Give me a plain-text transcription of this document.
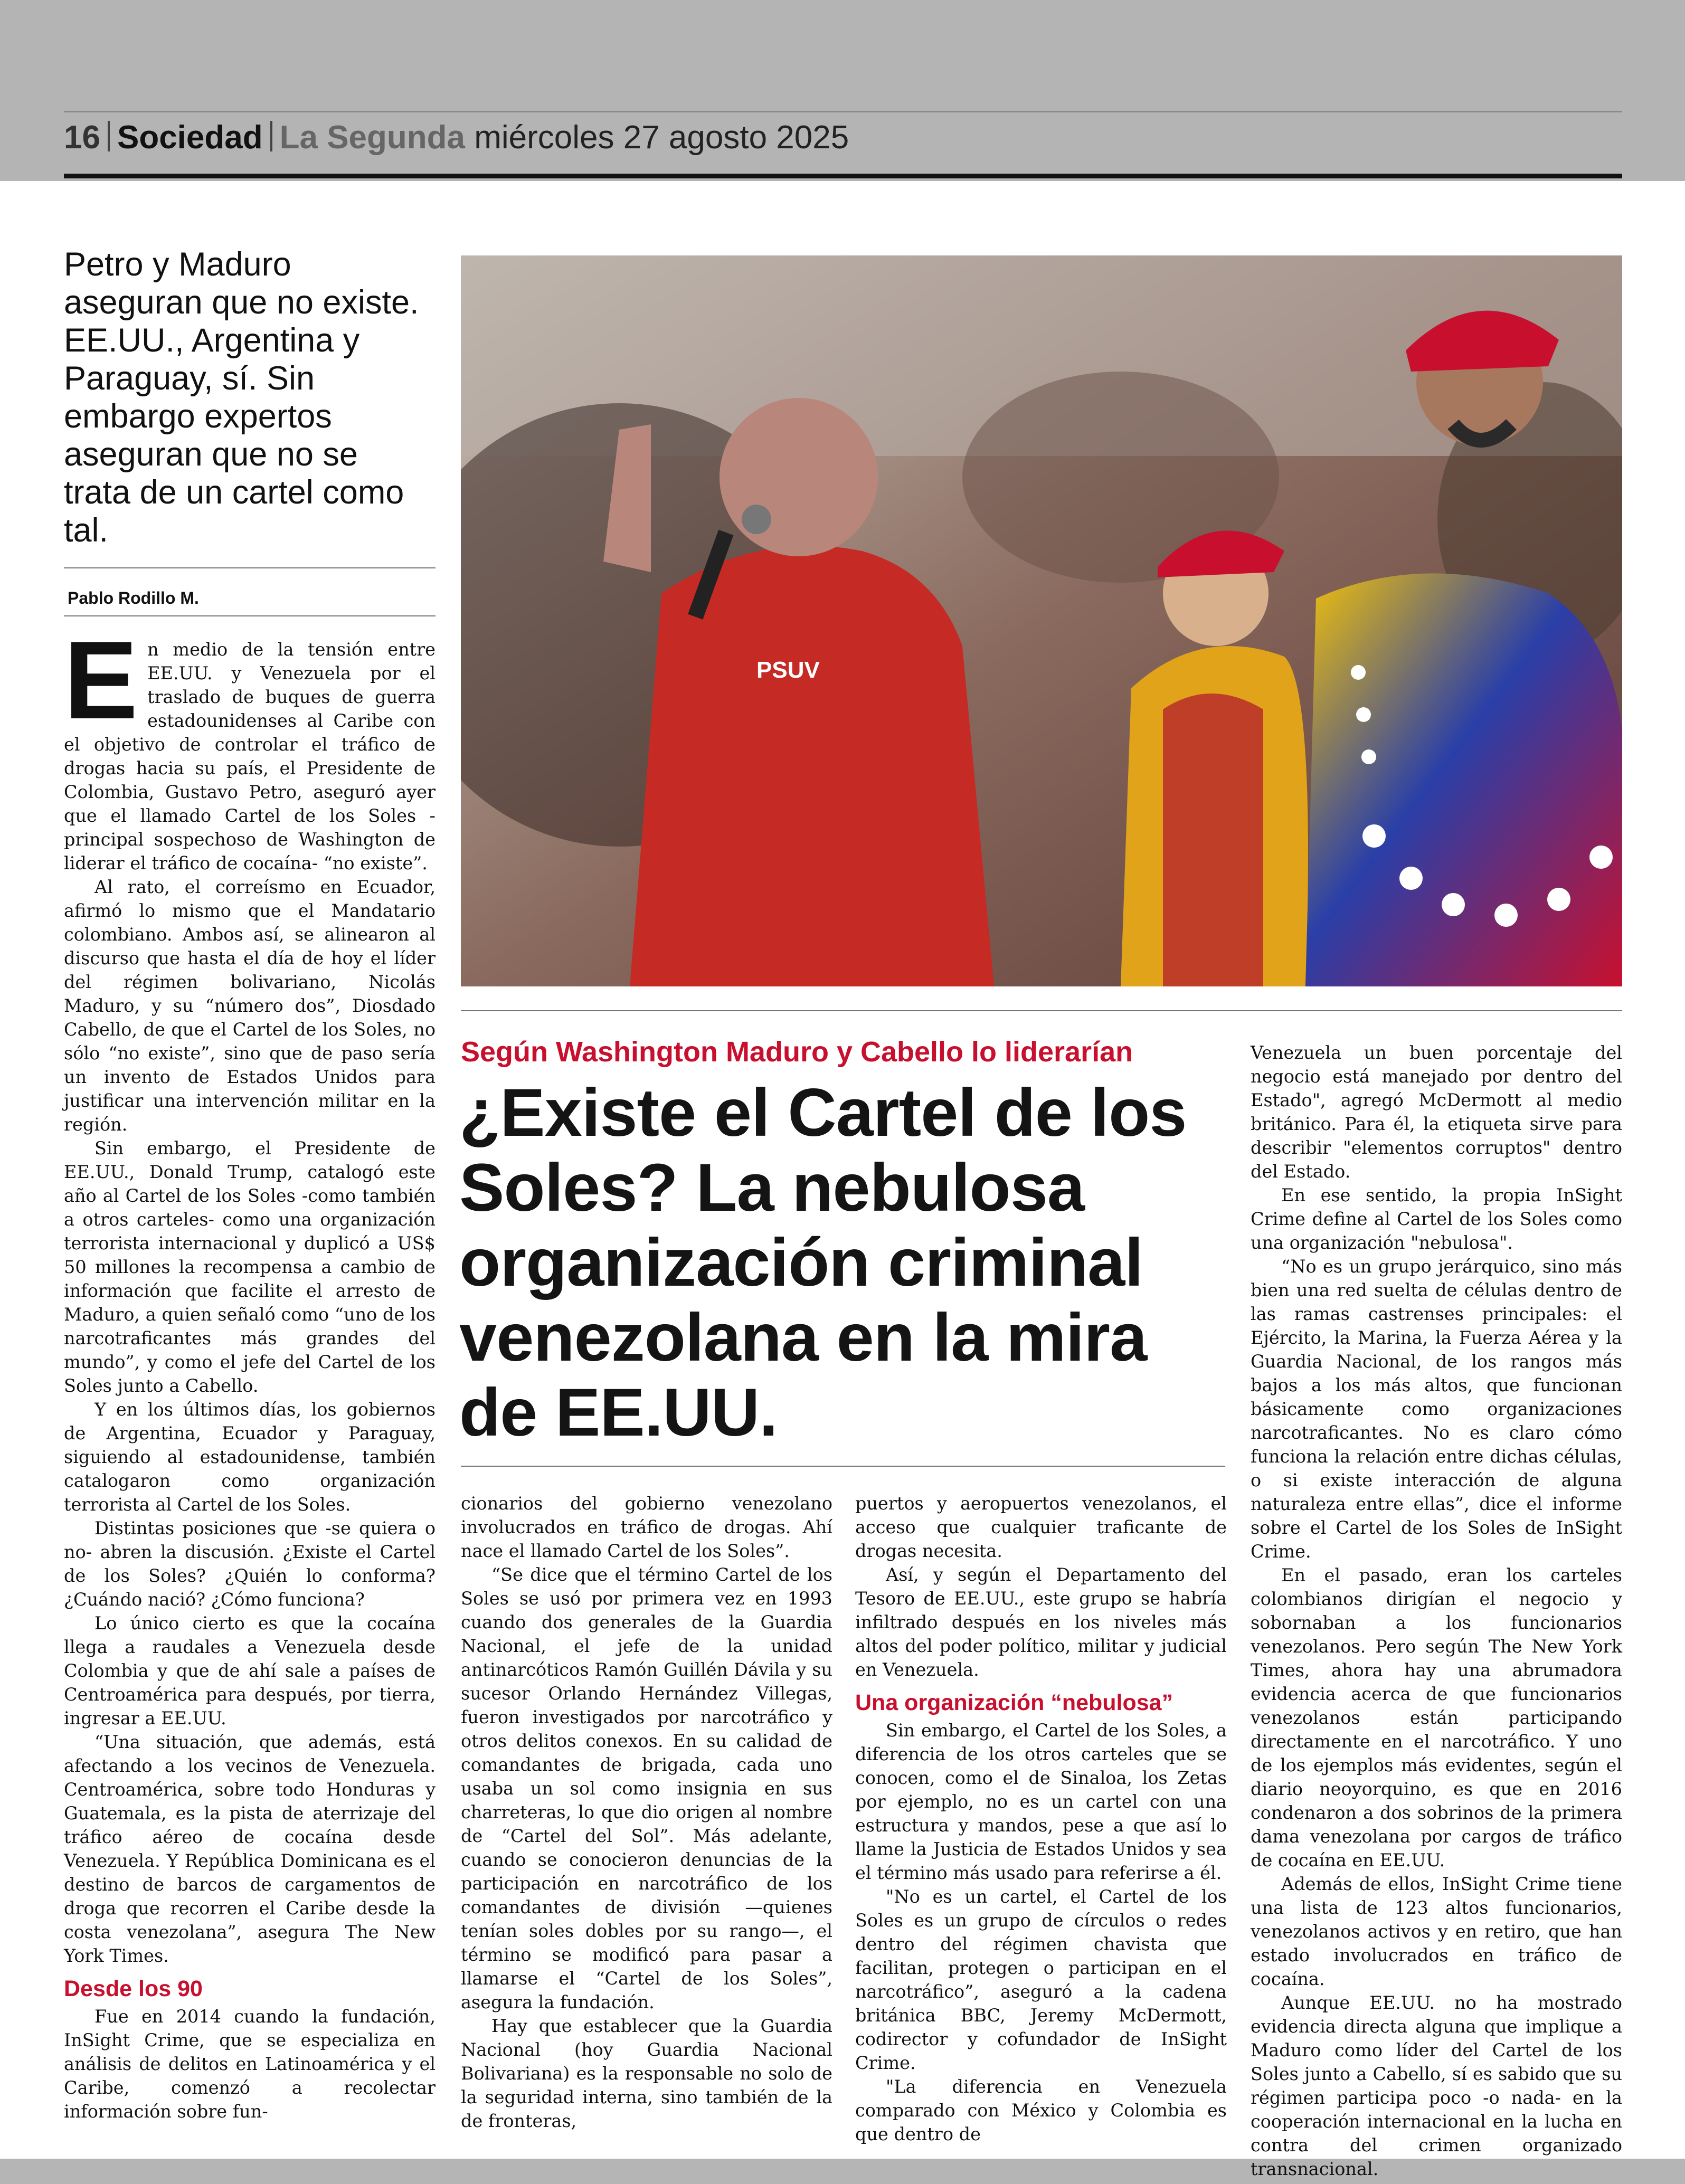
16 Sociedad La Segunda miércoles 27 agosto 2025
Petro y Maduro aseguran que no existe. EE.UU., Argentina y Paraguay, sí. Sin embargo expertos aseguran que no se trata de un cartel como tal.
Pablo Rodillo M.
E n medio de la tensión entre EE.UU. y Venezuela por el traslado de buques de guerra estadounidenses al Caribe con el objetivo de controlar el tráfico de drogas hacia su país, el Presidente de Colombia, Gustavo Petro, aseguró ayer que el llamado Cartel de los Soles -principal sospechoso de Washington de liderar el tráfico de cocaína- “no existe”.

Al rato, el correísmo en Ecuador, afirmó lo mismo que el Mandatario colombiano. Ambos así, se alinearon al discurso que hasta el día de hoy el líder del régimen bolivariano, Nicolás Maduro, y su “número dos”, Diosdado Cabello, de que el Cartel de los Soles, no sólo “no existe”, sino que de paso sería un invento de Estados Unidos para justificar una intervención militar en la región.

Sin embargo, el Presidente de EE.UU., Donald Trump, catalogó este año al Cartel de los Soles -como también a otros carteles- como una organización terrorista internacional y duplicó a US$ 50 millones la recompensa a cambio de información que facilite el arresto de Maduro, a quien señaló como “uno de los narcotraficantes más grandes del mundo”, y como el jefe del Cartel de los Soles junto a Cabello.

Y en los últimos días, los gobiernos de Argentina, Ecuador y Paraguay, siguiendo al estadounidense, también catalogaron como organización terrorista al Cartel de los Soles.

Distintas posiciones que -se quiera o no- abren la discusión. ¿Existe el Cartel de los Soles? ¿Quién lo conforma? ¿Cuándo nació? ¿Cómo funciona?

Lo único cierto es que la cocaína llega a raudales a Venezuela desde Colombia y que de ahí sale a países de Centroamérica para después, por tierra, ingresar a EE.UU.

“Una situación, que además, está afectando a los vecinos de Venezuela. Centroamérica, sobre todo Honduras y Guatemala, es la pista de aterrizaje del tráfico aéreo de cocaína desde Venezuela. Y República Dominicana es el destino de barcos de cargamentos de droga que recorren el Caribe desde la costa venezolana”, asegura The New York Times.

Desde los 90

Fue en 2014 cuando la fundación, InSight Crime, que se especializa en análisis de delitos en Latinoamérica y el Caribe, comenzó a recolectar información sobre fun-

PSUV
Según Washington Maduro y Cabello lo liderarían
¿Existe el Cartel de los Soles? La nebulosa organización criminal venezolana en la mira de EE.UU.

cionarios del gobierno venezolano involucrados en tráfico de drogas. Ahí nace el llamado Cartel de los Soles”.

“Se dice que el término Cartel de los Soles se usó por primera vez en 1993 cuando dos generales de la Guardia Nacional, el jefe de la unidad antinarcóticos Ramón Guillén Dávila y su sucesor Orlando Hernández Villegas, fueron investigados por narcotráfico y otros delitos conexos. En su calidad de comandantes de brigada, cada uno usaba un sol como insignia en sus charreteras, lo que dio origen al nombre de “Cartel del Sol”. Más adelante, cuando se conocieron denuncias de la participación en narcotráfico de los comandantes de división —quienes tenían soles dobles por su rango—, el término se modificó para pasar a llamarse el “Cartel de los Soles”, asegura la fundación.

Hay que establecer que la Guardia Nacional (hoy Guardia Nacional Bolivariana) es la responsable no solo de la seguridad interna, sino también de la de fronteras,

puertos y aeropuertos venezolanos, el acceso que cualquier traficante de drogas necesita.

Así, y según el Departamento del Tesoro de EE.UU., este grupo se habría infiltrado después en los niveles más altos del poder político, militar y judicial en Venezuela.

Una organización “nebulosa”

Sin embargo, el Cartel de los Soles, a diferencia de los otros carteles que se conocen, como el de Sinaloa, los Zetas por ejemplo, no es un cartel con una estructura y mandos, pese a que así lo llame la Justicia de Estados Unidos y sea el término más usado para referirse a él.

"No es un cartel, el Cartel de los Soles es un grupo de círculos o redes dentro del régimen chavista que facilitan, protegen o participan en el narcotráfico”, aseguró a la cadena británica BBC, Jeremy McDermott, codirector y cofundador de InSight Crime.

"La diferencia en Venezuela comparado con México y Colombia es que dentro de

Venezuela un buen porcentaje del negocio está manejado por dentro del Estado", agregó McDermott al medio británico. Para él, la etiqueta sirve para describir "elementos corruptos" dentro del Estado.

En ese sentido, la propia InSight Crime define al Cartel de los Soles como una organización "nebulosa".

“No es un grupo jerárquico, sino más bien una red suelta de células dentro de las ramas castrenses principales: el Ejército, la Marina, la Fuerza Aérea y la Guardia Nacional, de los rangos más bajos a los más altos, que funcionan básicamente como organizaciones narcotraficantes. No es claro cómo funciona la relación entre dichas células, o si existe interacción de alguna naturaleza entre ellas”, dice el informe sobre el Cartel de los Soles de InSight Crime.

En el pasado, eran los carteles colombianos dirigían el negocio y sobornaban a los funcionarios venezolanos. Pero según The New York Times, ahora hay una abrumadora evidencia acerca de que funcionarios venezolanos están participando directamente en el narcotráfico. Y uno de los ejemplos más evidentes, según el diario neoyorquino, es que en 2016 condenaron a dos sobrinos de la primera dama venezolana por cargos de tráfico de cocaína en EE.UU.

Además de ellos, InSight Crime tiene una lista de 123 altos funcionarios, venezolanos activos y en retiro, que han estado involucrados en tráfico de cocaína.

Aunque EE.UU. no ha mostrado evidencia directa alguna que implique a Maduro como líder del Cartel de los Soles junto a Cabello, sí es sabido que su régimen participa poco -o nada- en la cooperación internacional en la lucha en contra del crimen organizado transnacional.
